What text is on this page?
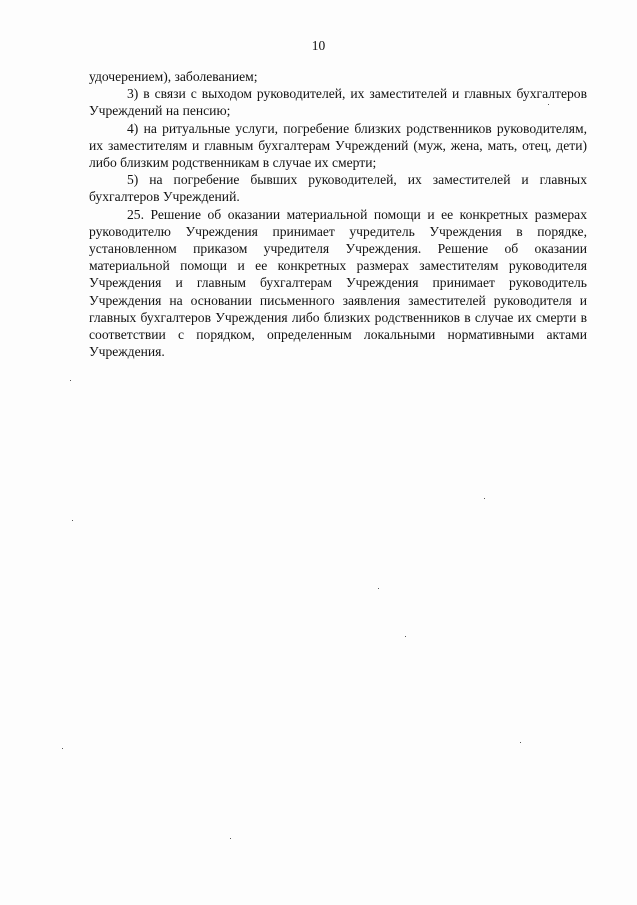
10

удочерением), заболеванием;

3) в связи с выходом руководителей, их заместителей и главных бухгалтеров Учреждений на пенсию;

4) на ритуальные услуги, погребение близких родственников руководителям, их заместителям и главным бухгалтерам Учреждений (муж, жена, мать, отец, дети) либо близким родственникам в случае их смерти;

5) на погребение бывших руководителей, их заместителей и главных бухгалтеров Учреждений.

25. Решение об оказании материальной помощи и ее конкретных размерах руководителю Учреждения принимает учредитель Учреждения в порядке, установленном приказом учредителя Учреждения. Решение об оказании материальной помощи и ее конкретных размерах заместителям руководителя Учреждения и главным бухгалтерам Учреждения принимает руководитель Учреждения на основании письменного заявления заместителей руководителя и главных бухгалтеров Учреждения либо близких родственников в случае их смерти в соответствии с порядком, определенным локальными нормативными актами Учреждения.
